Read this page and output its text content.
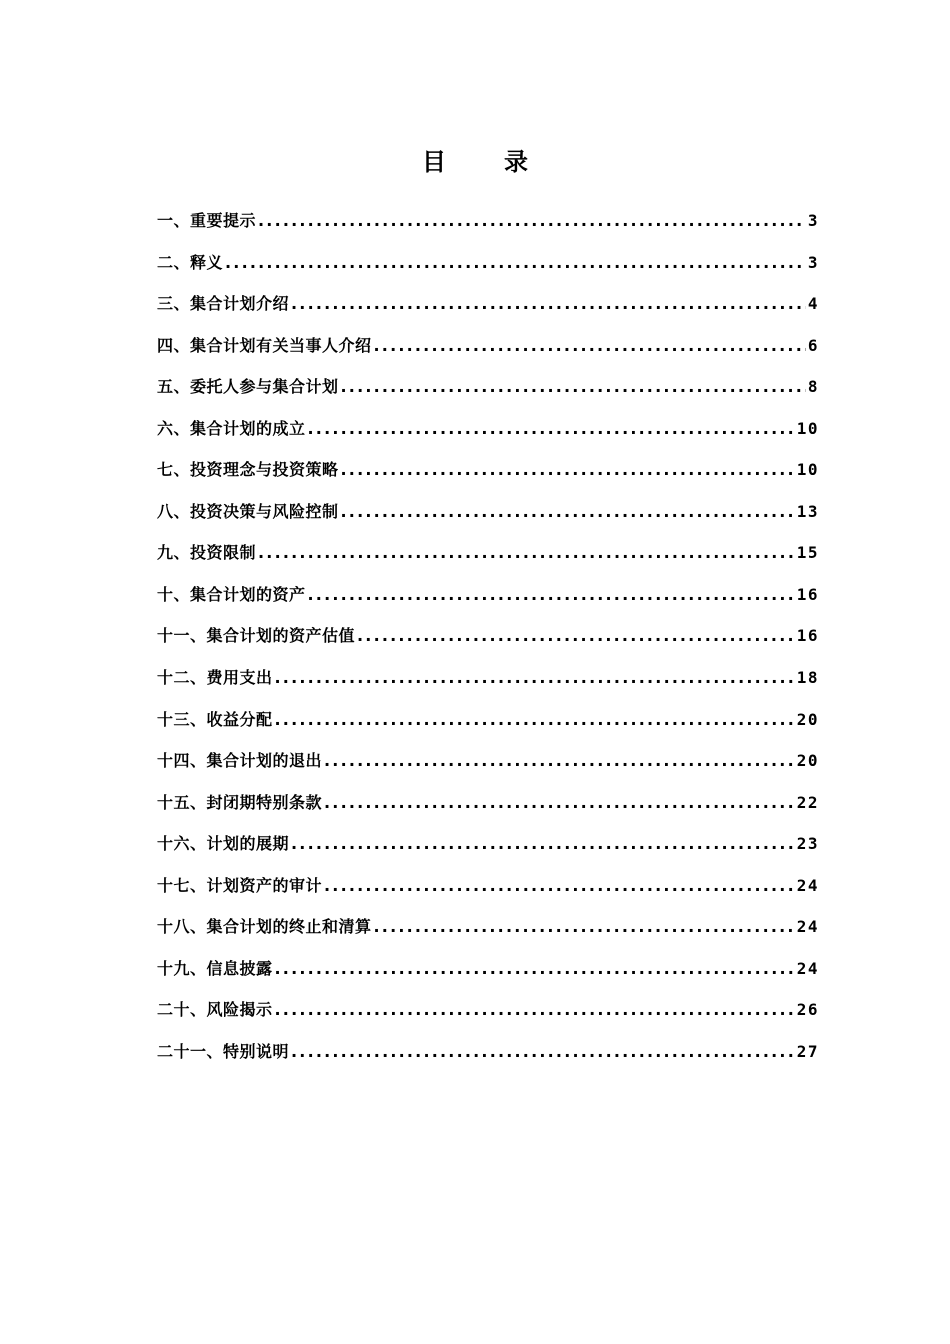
目 录
一、重要提示 .....	3
二、释义 .....	3
三、集合计划介绍 .....	4
四、集合计划有关当事人介绍 .....	6
五、委托人参与集合计划 .....	8
六、集合计划的成立 .....	10
七、投资理念与投资策略 .....	10
八、投资决策与风险控制 .....	13
九、投资限制 .....	15
十、集合计划的资产 .....	16
十一、集合计划的资产估值 .....	16
十二、费用支出 .....	18
十三、收益分配 .....	20
十四、集合计划的退出 .....	20
十五、封闭期特别条款 .....	22
十六、计划的展期 .....	23
十七、计划资产的审计 .....	24
十八、集合计划的终止和清算 .....	24
十九、信息披露 .....	24
二十、风险揭示 .....	26
二十一、特别说明 .....	27
